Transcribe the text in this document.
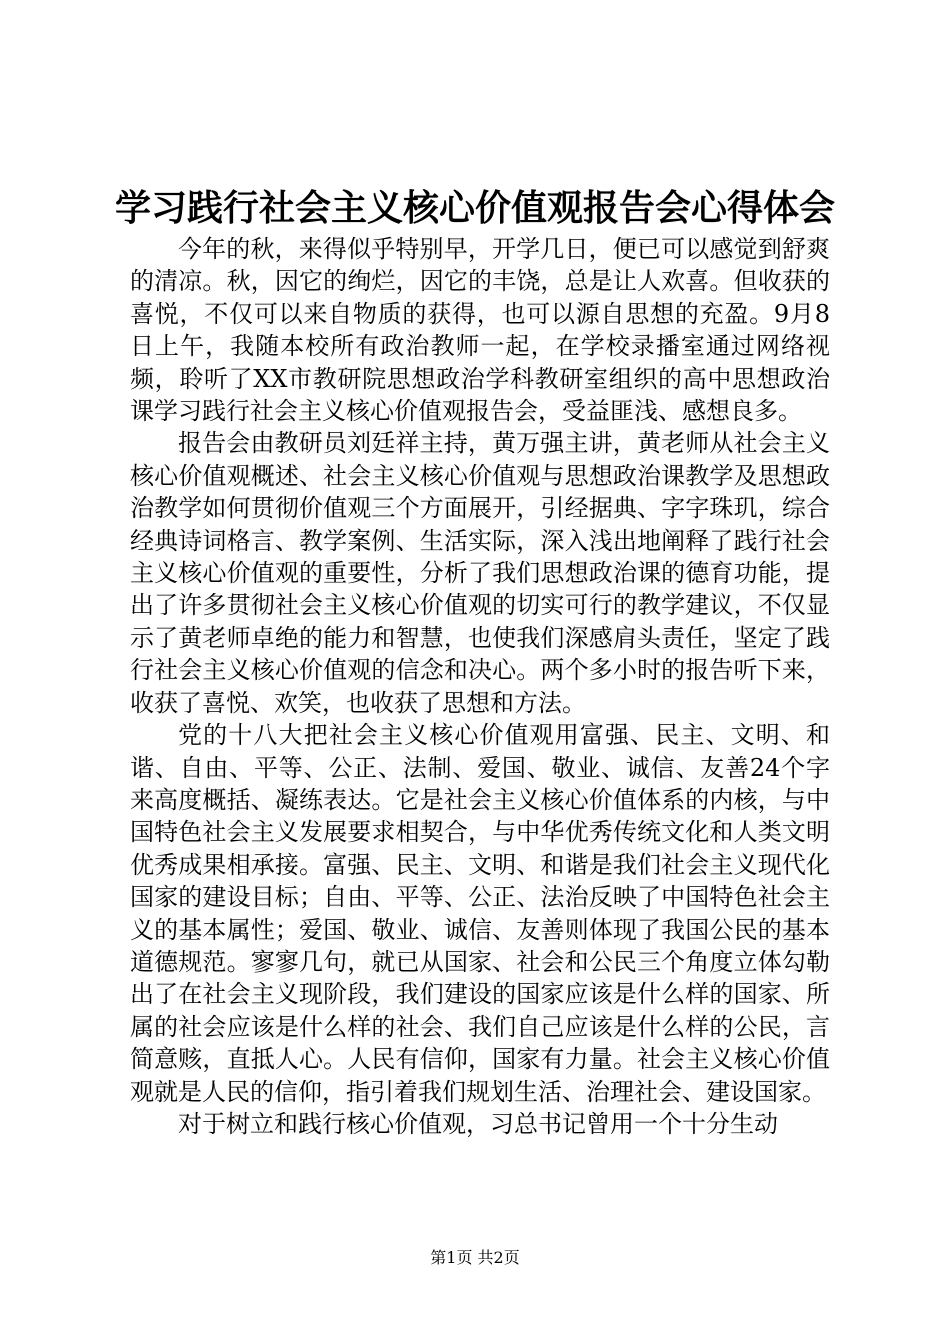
学习践行社会主义核心价值观报告会心得体会

今年的秋，来得似乎特别早，开学几日，便已可以感觉到舒爽的清凉。秋，因它的绚烂，因它的丰饶，总是让人欢喜。但收获的喜悦，不仅可以来自物质的获得，也可以源自思想的充盈。9月8日上午，我随本校所有政治教师一起，在学校录播室通过网络视频，聆听了XX市教研院思想政治学科教研室组织的高中思想政治课学习践行社会主义核心价值观报告会，受益匪浅、感想良多。

报告会由教研员刘廷祥主持，黄万强主讲，黄老师从社会主义核心价值观概述、社会主义核心价值观与思想政治课教学及思想政治教学如何贯彻价值观三个方面展开，引经据典、字字珠玑，综合经典诗词格言、教学案例、生活实际，深入浅出地阐释了践行社会主义核心价值观的重要性，分析了我们思想政治课的德育功能，提出了许多贯彻社会主义核心价值观的切实可行的教学建议，不仅显示了黄老师卓绝的能力和智慧，也使我们深感肩头责任，坚定了践行社会主义核心价值观的信念和决心。两个多小时的报告听下来，收获了喜悦、欢笑，也收获了思想和方法。

党的十八大把社会主义核心价值观用富强、民主、文明、和谐、自由、平等、公正、法制、爱国、敬业、诚信、友善24个字来高度概括、凝练表达。它是社会主义核心价值体系的内核，与中国特色社会主义发展要求相契合，与中华优秀传统文化和人类文明优秀成果相承接。富强、民主、文明、和谐是我们社会主义现代化国家的建设目标；自由、平等、公正、法治反映了中国特色社会主义的基本属性；爱国、敬业、诚信、友善则体现了我国公民的基本道德规范。寥寥几句，就已从国家、社会和公民三个角度立体勾勒出了在社会主义现阶段，我们建设的国家应该是什么样的国家、所属的社会应该是什么样的社会、我们自己应该是什么样的公民，言简意赅，直抵人心。人民有信仰，国家有力量。社会主义核心价值观就是人民的信仰，指引着我们规划生活、治理社会、建设国家。

对于树立和践行核心价值观，习总书记曾用一个十分生动

第1页 共2页
